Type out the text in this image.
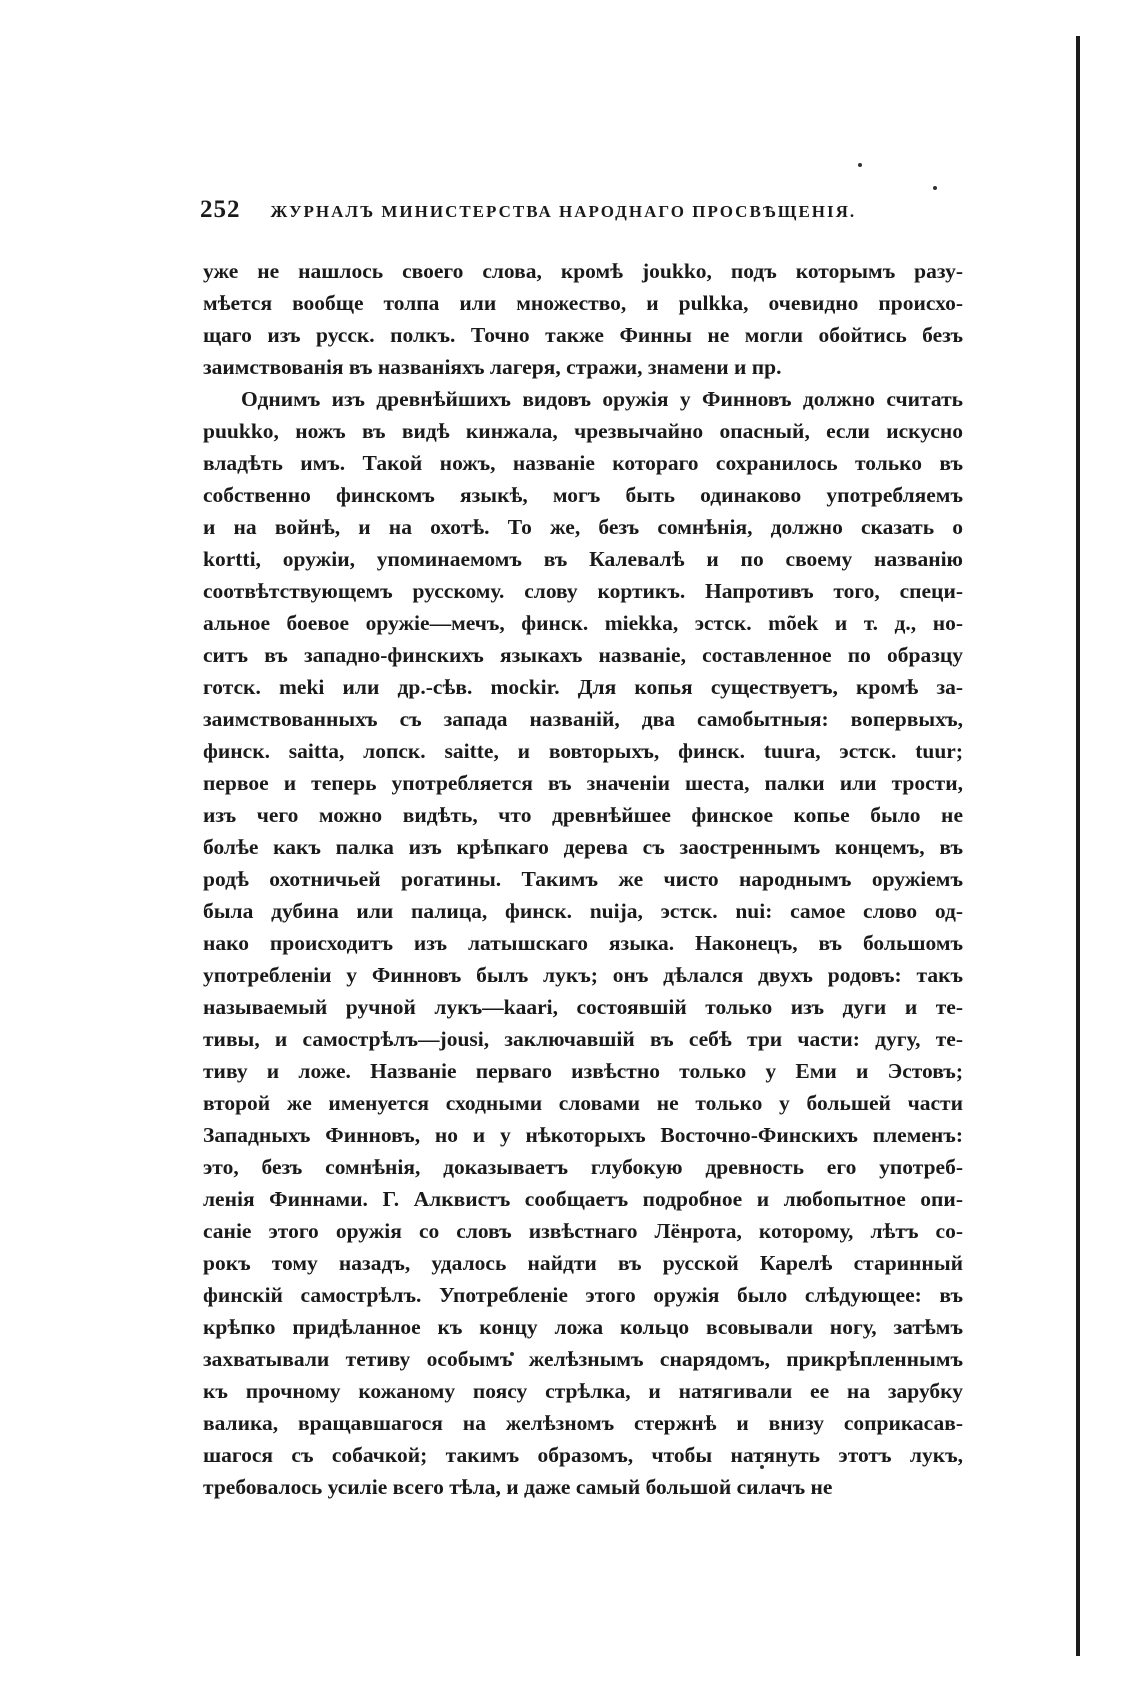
252 ЖУРНАЛЪ МИНИСТЕРСТВА НАРОДНАГО ПРОСВѢЩЕНІЯ.
уже не нашлось своего слова, кромѣ joukko, подъ которымъ разу-
мѣется вообще толпа или множество, и pulkka, очевидно происхо-
щаго изъ русск. полкъ. Точно также Финны не могли обойтись безъ
заимствованія въ названіяхъ лагеря, стражи, знамени и пр.
Однимъ изъ древнѣйшихъ видовъ оружія у Финновъ должно считать
puukko, ножъ въ видѣ кинжала, чрезвычайно опасный, если искусно
владѣть имъ. Такой ножъ, названіе котораго сохранилось только въ
собственно финскомъ языкѣ, могъ быть одинаково употребляемъ
и на войнѣ, и на охотѣ. То же, безъ сомнѣнія, должно сказать о
kortti, оружіи, упоминаемомъ въ Калевалѣ и по своему названію
соотвѣтствующемъ русскому. слову кортикъ. Напротивъ того, специ-
альное боевое оружіе—мечъ, финск. miekka, эстск. mõek и т. д., но-
ситъ въ западно-финскихъ языкахъ названіе, составленное по образцу
готск. meki или др.-сѣв. mockir. Для копья существуетъ, кромѣ за-
заимствованныхъ съ запада названій, два самобытныя: вопервыхъ,
финск. saitta, лопск. saitte, и вовторыхъ, финск. tuura, эстск. tuur;
первое и теперь употребляется въ значеніи шеста, палки или трости,
изъ чего можно видѣть, что древнѣйшее финское копье было не
болѣе какъ палка изъ крѣпкаго дерева съ заостреннымъ концемъ, въ
родѣ охотничьей рогатины. Такимъ же чисто народнымъ оружіемъ
была дубина или палица, финск. nuija, эстск. nui: самое слово од-
нако происходитъ изъ латышскаго языка. Наконецъ, въ большомъ
употребленіи у Финновъ былъ лукъ; онъ дѣлался двухъ родовъ: такъ
называемый ручной лукъ—kaari, состоявшій только изъ дуги и те-
тивы, и самострѣлъ—jousi, заключавшій въ себѣ три части: дугу, те-
тиву и ложе. Названіе перваго извѣстно только у Еми и Эстовъ;
второй же именуется сходными словами не только у большей части
Западныхъ Финновъ, но и у нѣкоторыхъ Восточно-Финскихъ племенъ:
это, безъ сомнѣнія, доказываетъ глубокую древность его употреб-
ленія Финнами. Г. Алквистъ сообщаетъ подробное и любопытное опи-
саніе этого оружія со словъ извѣстнаго Лёнрота, которому, лѣтъ со-
рокъ тому назадъ, удалось найдти въ русской Карелѣ старинный
финскій самострѣлъ. Употребленіе этого оружія было слѣдующее: въ
крѣпко придѣланное къ концу ложа кольцо всовывали ногу, затѣмъ
захватывали тетиву особымъ желѣзнымъ снарядомъ, прикрѣпленнымъ
къ прочному кожаному поясу стрѣлка, и натягивали ее на зарубку
валика, вращавшагося на желѣзномъ стержнѣ и внизу соприкасав-
шагося съ собачкой; такимъ образомъ, чтобы натянуть этотъ лукъ,
требовалось усиліе всего тѣла, и даже самый большой силачъ не
